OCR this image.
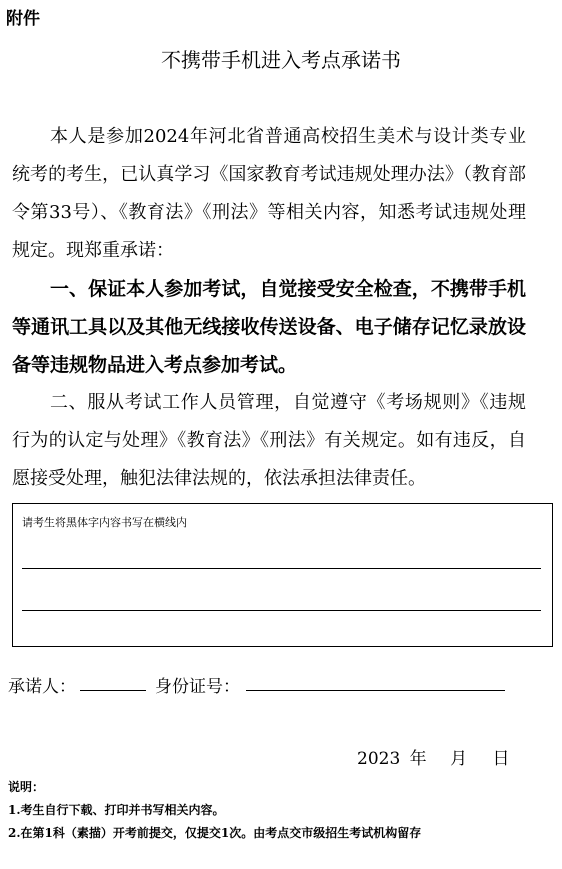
附件
不携带手机进入考点承诺书
本人是参加2024年河北省普通高校招生美术与设计类专业统考的考生，已认真学习《国家教育考试违规处理办法》（教育部令第33号）、《教育法》《刑法》等相关内容，知悉考试违规处理规定。现郑重承诺：
一、保证本人参加考试，自觉接受安全检查，不携带手机等通讯工具以及其他无线接收传送设备、电子储存记忆录放设备等违规物品进入考点参加考试。
二、服从考试工作人员管理，自觉遵守《考场规则》《违规行为的认定与处理》《教育法》《刑法》有关规定。如有违反，自愿接受处理，触犯法律法规的，依法承担法律责任。
请考生将黑体字内容书写在横线内
承诺人：	身份证号：
2023 年 月 日
说明：
1.考生自行下载、打印并书写相关内容。
2.在第1科（素描）开考前提交，仅提交1次。由考点交市级招生考试机构留存
